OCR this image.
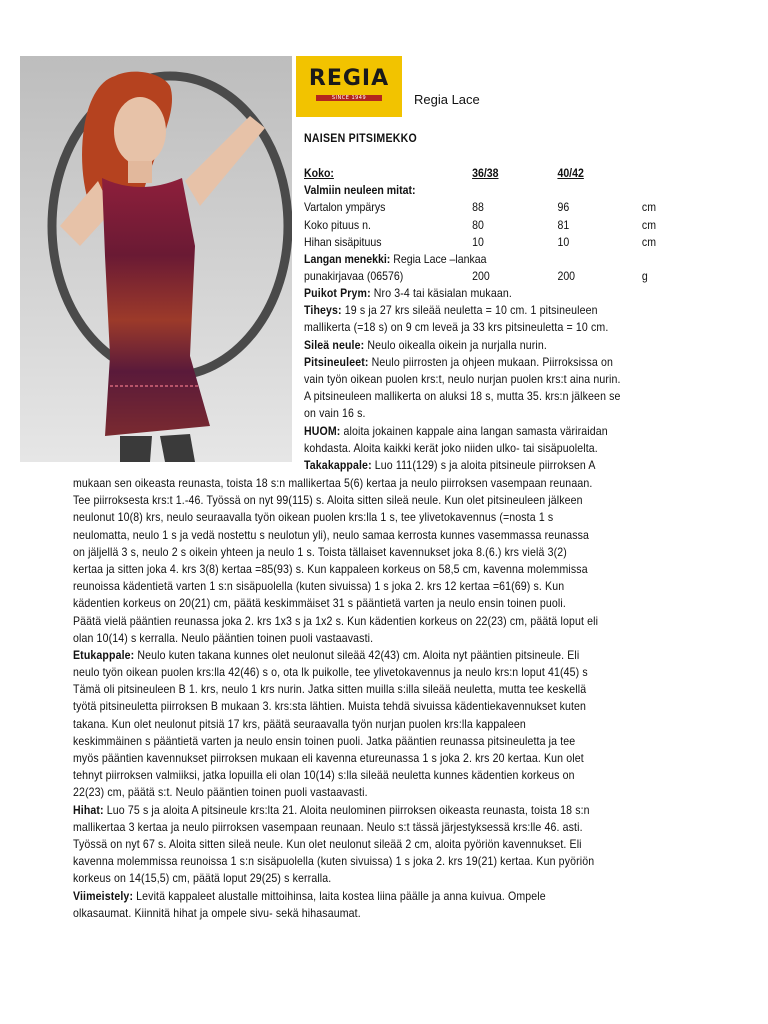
REGIA
SINCE 1949	Regia Lace
NAISEN PITSIMEKKO
Koko:	36/38	40/42
Valmiin neuleen mitat:
Vartalon ympärys	88	96	cm
Koko pituus n.	80	81	cm
Hihan sisäpituus	10	10	cm
Langan menekki: Regia Lace –lankaa
punakirjavaa (06576)	200	200	g
Puikot Prym: Nro 3-4 tai käsialan mukaan.
Tiheys: 19 s ja 27 krs sileää neuletta = 10 cm. 1 pitsineuleen
mallikerta (=18 s) on 9 cm leveä ja 33 krs pitsineuletta = 10 cm.
Sileä neule: Neulo oikealla oikein ja nurjalla nurin.
Pitsineuleet: Neulo piirrosten ja ohjeen mukaan. Piirroksissa on
vain työn oikean puolen krs:t, neulo nurjan puolen krs:t aina nurin.
A pitsineuleen mallikerta on aluksi 18 s, mutta 35. krs:n jälkeen se
on vain 16 s.
HUOM: aloita jokainen kappale aina langan samasta väriraidan
kohdasta. Aloita kaikki kerät joko niiden ulko- tai sisäpuolelta.
Takakappale: Luo 111(129) s ja aloita pitsineule piirroksen A
mukaan sen oikeasta reunasta, toista 18 s:n mallikertaa 5(6) kertaa ja neulo piirroksen vasempaan reunaan.
Tee piirroksesta krs:t 1.-46. Työssä on nyt 99(115) s. Aloita sitten sileä neule. Kun olet pitsineuleen jälkeen
neulonut 10(8) krs, neulo seuraavalla työn oikean puolen krs:lla 1 s, tee ylivetokavennus (=nosta 1 s
neulomatta, neulo 1 s ja vedä nostettu s neulotun yli), neulo samaa kerrosta kunnes vasemmassa reunassa
on jäljellä 3 s, neulo 2 s oikein yhteen ja neulo 1 s. Toista tällaiset kavennukset joka 8.(6.) krs vielä 3(2)
kertaa ja sitten joka 4. krs 3(8) kertaa =85(93) s. Kun kappaleen korkeus on 58,5 cm, kavenna molemmissa
reunoissa kädentietä varten 1 s:n sisäpuolella (kuten sivuissa) 1 s joka 2. krs 12 kertaa =61(69) s. Kun
kädentien korkeus on 20(21) cm, päätä keskimmäiset 31 s pääntietä varten ja neulo ensin toinen puoli.
Päätä vielä pääntien reunassa joka 2. krs 1x3 s ja 1x2 s. Kun kädentien korkeus on 22(23) cm, päätä loput eli
olan 10(14) s kerralla. Neulo pääntien toinen puoli vastaavasti.
Etukappale: Neulo kuten takana kunnes olet neulonut sileää 42(43) cm. Aloita nyt pääntien pitsineule. Eli
neulo työn oikean puolen krs:lla 42(46) s o, ota lk puikolle, tee ylivetokavennus ja neulo krs:n loput 41(45) s
Tämä oli pitsineuleen B 1. krs, neulo 1 krs nurin. Jatka sitten muilla s:illa sileää neuletta, mutta tee keskellä
työtä pitsineuletta piirroksen B mukaan 3. krs:sta lähtien. Muista tehdä sivuissa kädentiekavennukset kuten
takana. Kun olet neulonut pitsiä 17 krs, päätä seuraavalla työn nurjan puolen krs:lla kappaleen
keskimmäinen s pääntietä varten ja neulo ensin toinen puoli. Jatka pääntien reunassa pitsineuletta ja tee
myös pääntien kavennukset piirroksen mukaan eli kavenna etureunassa 1 s joka 2. krs 20 kertaa. Kun olet
tehnyt piirroksen valmiiksi, jatka lopuilla eli olan 10(14) s:lla sileää neuletta kunnes kädentien korkeus on
22(23) cm, päätä s:t. Neulo pääntien toinen puoli vastaavasti.
Hihat: Luo 75 s ja aloita A pitsineule krs:lta 21. Aloita neulominen piirroksen oikeasta reunasta, toista 18 s:n
mallikertaa 3 kertaa ja neulo piirroksen vasempaan reunaan. Neulo s:t tässä järjestyksessä krs:lle 46. asti.
Työssä on nyt 67 s. Aloita sitten sileä neule. Kun olet neulonut sileää 2 cm, aloita pyöriön kavennukset. Eli
kavenna molemmissa reunoissa 1 s:n sisäpuolella (kuten sivuissa) 1 s joka 2. krs 19(21) kertaa. Kun pyöriön
korkeus on 14(15,5) cm, päätä loput 29(25) s kerralla.
Viimeistely: Levitä kappaleet alustalle mittoihinsa, laita kostea liina päälle ja anna kuivua. Ompele
olkasaumat. Kiinnitä hihat ja ompele sivu- sekä hihasaumat.
